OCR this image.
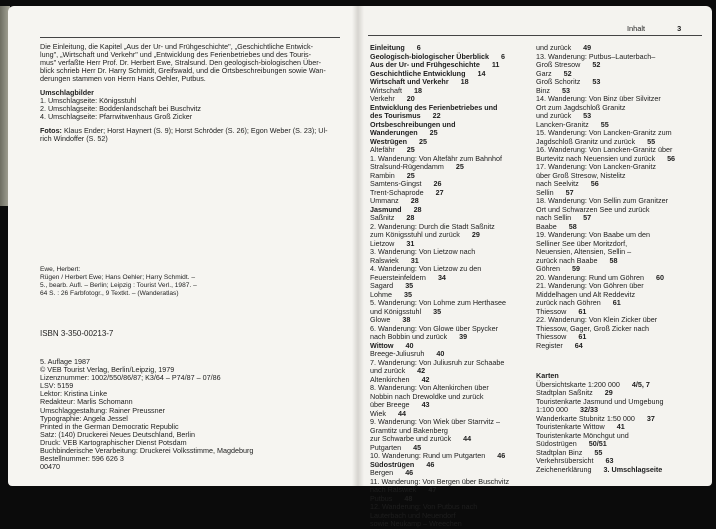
Die Einleitung, die Kapitel „Aus der Ur- und Frühgeschichte", „Geschichtliche Entwick-
lung", „Wirtschaft und Verkehr" und „Entwicklung des Ferienbetriebes und des Touris-
mus" verfaßte Herr Prof. Dr. Herbert Ewe, Stralsund. Den geologisch-biologischen Über-
blick schrieb Herr Dr. Harry Schmidt, Greifswald, und die Ortsbeschreibungen sowie Wan-
derungen stammen von Herrn Hans Oehler, Putbus.
Umschlagbilder
1. Umschlagseite: Königsstuhl
2. Umschlagseite: Boddenlandschaft bei Buschvitz
4. Umschlagseite: Pfarrwitwenhaus Groß Zicker
Fotos: Klaus Ender; Horst Haynert (S. 9); Horst Schröder (S. 26); Egon Weber (S. 23); Ul-
rich Windoffer (S. 52)
Ewe, Herbert:
Rügen / Herbert Ewe; Hans Oehler; Harry Schmidt. –
5., bearb. Aufl. – Berlin; Leipzig : Tourist Verl., 1987. –
64 S. : 26 Farbfotogr., 9 Textkt. – (Wanderatlas)
ISBN 3-350-00213-7
5. Auflage 1987
© VEB Tourist Verlag, Berlin/Leipzig, 1979
Lizenznummer: 1002/550/86/87; K3/64 – P74/87 – 07/86
LSV: 5159
Lektor: Kristina Linke
Redakteur: Marlis Schomann
Umschlaggestaltung: Rainer Preussner
Typographie: Angela Jessel
Printed in the German Democratic Republic
Satz: (140) Druckerei Neues Deutschland, Berlin
Druck: VEB Kartographischer Dienst Potsdam
Buchbinderische Verarbeitung: Druckerei Volksstimme, Magdeburg
Bestellnummer: 596 626 3
00470
Inhalt	3
Einleitung 6
Geologisch-biologischer Überblick 6
Aus der Ur- und Frühgeschichte 11
Geschichtliche Entwicklung 14
Wirtschaft und Verkehr 18
Wirtschaft 18
Verkehr 20
Entwicklung des Ferienbetriebes und
des Tourismus 22
Ortsbeschreibungen und
Wanderungen 25
Westrügen 25
Altefähr 25
1. Wanderung: Von Altefähr zum Bahnhof
Stralsund-Rügendamm 25
Rambin 25
Samtens-Gingst 26
Trent-Schaprode 27
Ummanz 28
Jasmund 28
Saßnitz 28
2. Wanderung: Durch die Stadt Saßnitz
zum Königsstuhl und zurück 29
Lietzow 31
3. Wanderung: Von Lietzow nach
Ralswiek 31
4. Wanderung: Von Lietzow zu den
Feuersteinfeldern 34
Sagard 35
Lohme 35
5. Wanderung: Von Lohme zum Herthasee
und Königsstuhl 35
Glowe 38
6. Wanderung: Von Glowe über Spycker
nach Bobbin und zurück 39
Wittow 40
Breege-Juliusruh 40
7. Wanderung: Von Juliusruh zur Schaabe
und zurück 42
Altenkirchen 42
8. Wanderung: Von Altenkirchen über
Nobbin nach Drewoldke und zurück
über Breege 43
Wiek 44
9. Wanderung: Von Wiek über Starrvitz –
Gramtitz und Bakenberg
zur Schwarbe und zurück 44
Putgarten 45
10. Wanderung: Rund um Putgarten 46
Südostrügen 46
Bergen 46
11. Wanderung: Von Bergen über Buschvitz
nach Ralswiek 47
Putbus 48
12. Wanderung: Von Putbus nach
Lauterbach und Neuendorf
sowie Neukamp – Wreechen
und zurück 49
13. Wanderung: Putbus–Lauterbach–
Groß Stresow 52
Garz 52
Groß Schoritz 53
Binz 53
14. Wanderung: Von Binz über Silvitzer
Ort zum Jagdschloß Granitz
und zurück 53
Lancken-Granitz 55
15. Wanderung: Von Lancken-Granitz zum
Jagdschloß Granitz und zurück 55
16. Wanderung: Von Lancken-Granitz über
Burtevitz nach Neuensien und zurück 56
17. Wanderung: Von Lancken-Granitz
über Groß Stresow, Nistelitz
nach Seelvitz 56
Sellin 57
18. Wanderung: Von Sellin zum Granitzer
Ort und Schwarzen See und zurück
nach Sellin 57
Baabe 58
19. Wanderung: Von Baabe um den
Selliner See über Moritzdorf,
Neuensien, Altensien, Sellin –
zurück nach Baabe 58
Göhren 59
20. Wanderung: Rund um Göhren 60
21. Wanderung: Von Göhren über
Middelhagen und Alt Reddevitz
zurück nach Göhren 61
Thiessow 61
22. Wanderung: Von Klein Zicker über
Thiessow, Gager, Groß Zicker nach
Thiessow 61
Register 64
Karten
Übersichtskarte 1:200 000 4/5, 7
Stadtplan Saßnitz 29
Touristenkarte Jasmund und Umgebung
1:100 000 32/33
Wanderkarte Stubnitz 1:50 000 37
Touristenkarte Wittow 41
Touristenkarte Mönchgut und
Südostrügen 50/51
Stadtplan Binz 55
Verkehrsübersicht 63
Zeichenerklärung 3. Umschlagseite
